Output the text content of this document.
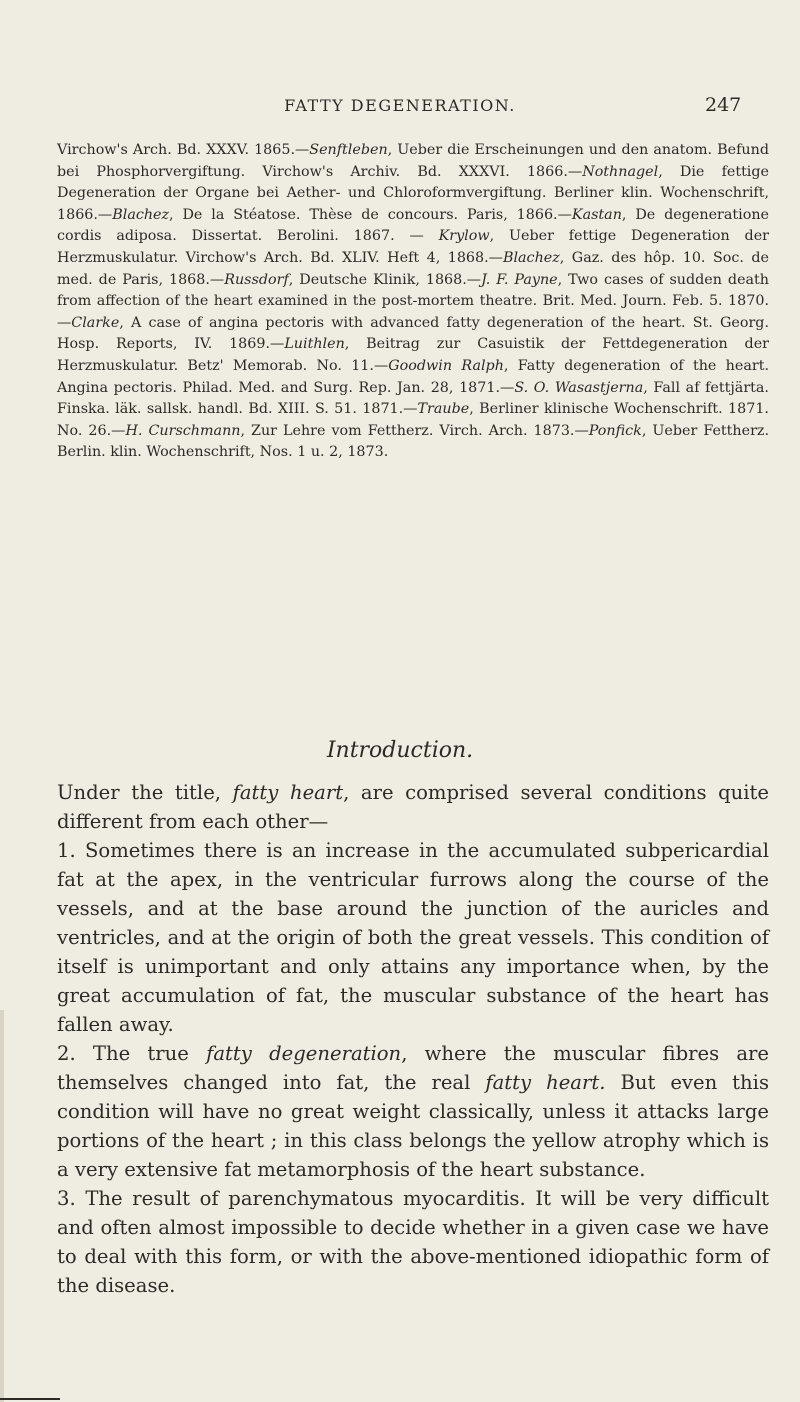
FATTY DEGENERATION.	247
Virchow's Arch. Bd. XXXV. 1865.—Senftleben, Ueber die Erscheinungen und den anatom. Befund bei Phosphorvergiftung. Virchow's Archiv. Bd. XXXVI. 1866.—Nothnagel, Die fettige Degeneration der Organe bei Aether- und Chloroformvergiftung. Berliner klin. Wochenschrift, 1866.—Blachez, De la Stéatose. Thèse de concours. Paris, 1866.—Kastan, De degeneratione cordis adiposa. Dissertat. Berolini. 1867. — Krylow, Ueber fettige Degeneration der Herzmuskulatur. Virchow's Arch. Bd. XLIV. Heft 4, 1868.—Blachez, Gaz. des hôp. 10. Soc. de med. de Paris, 1868.—Russdorf, Deutsche Klinik, 1868.—J. F. Payne, Two cases of sudden death from affection of the heart examined in the post-mortem theatre. Brit. Med. Journ. Feb. 5. 1870.—Clarke, A case of angina pectoris with advanced fatty degeneration of the heart. St. Georg. Hosp. Reports, IV. 1869.—Luithlen, Beitrag zur Casuistik der Fettdegeneration der Herzmuskulatur. Betz' Memorab. No. 11.—Goodwin Ralph, Fatty degeneration of the heart. Angina pectoris. Philad. Med. and Surg. Rep. Jan. 28, 1871.—S. O. Wasastjerna, Fall af fettjärta. Finska. läk. sallsk. handl. Bd. XIII. S. 51. 1871.—Traube, Berliner klinische Wochenschrift. 1871. No. 26.—H. Curschmann, Zur Lehre vom Fettherz. Virch. Arch. 1873.—Ponfick, Ueber Fettherz. Berlin. klin. Wochenschrift, Nos. 1 u. 2, 1873.
Introduction.

Under the title, fatty heart, are comprised several conditions quite different from each other—

1. Sometimes there is an increase in the accumulated subpericardial fat at the apex, in the ventricular furrows along the course of the vessels, and at the base around the junction of the auricles and ventricles, and at the origin of both the great vessels. This condition of itself is unimportant and only attains any importance when, by the great accumulation of fat, the muscular substance of the heart has fallen away.

2. The true fatty degeneration, where the muscular fibres are themselves changed into fat, the real fatty heart. But even this condition will have no great weight classically, unless it attacks large portions of the heart ; in this class belongs the yellow atrophy which is a very extensive fat metamorphosis of the heart substance.

3. The result of parenchymatous myocarditis. It will be very difficult and often almost impossible to decide whether in a given case we have to deal with this form, or with the above-mentioned idiopathic form of the disease.
